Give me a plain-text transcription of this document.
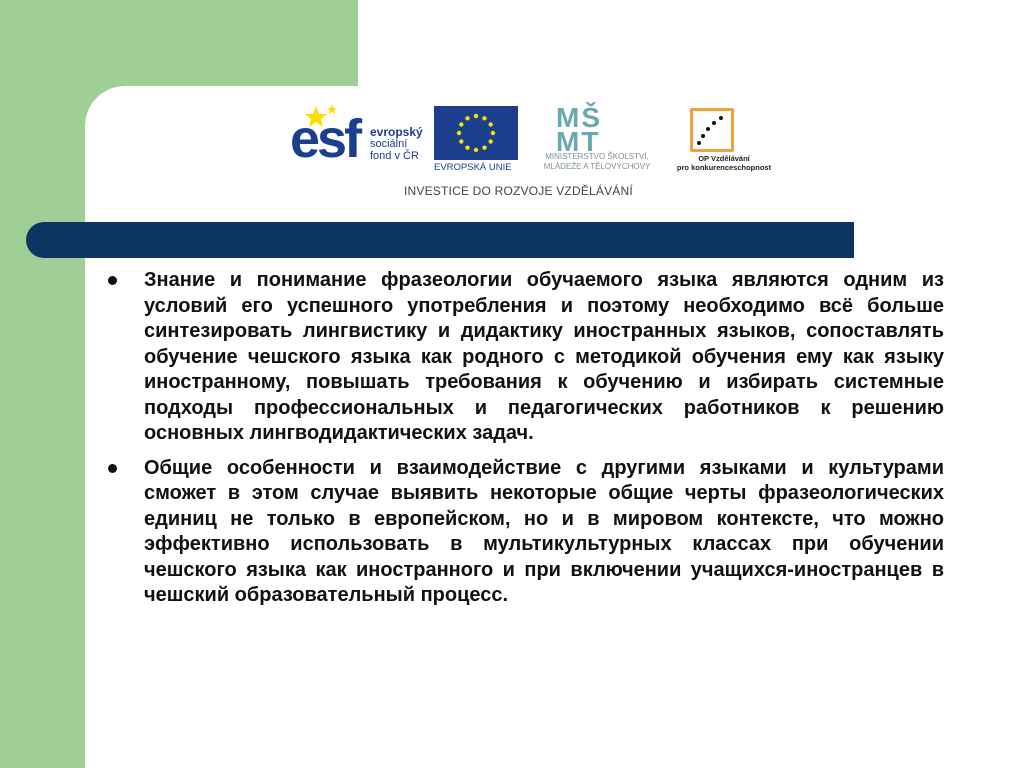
esf evropský
sociální
fond v ČR
EVROPSKÁ UNIE
MŠ
MT
MINISTERSTVO ŠKOLSTVÍ,
MLÁDEŽE A TĚLOVÝCHOVY
OP Vzdělávání
pro konkurenceschopnost
INVESTICE DO ROZVOJE VZDĚLÁVÁNÍ
Знание и понимание фразеологии обучаемого языка являются одним из условий его успешного употребления и поэтому необходимо всё больше синтезировать лингвистику и дидактику иностранных языков, сопоставлять обучение чешского языка как родного с методикой обучения ему как языку иностранному, повышать требования к обучению и избирать системные подходы профессиональных и педагогических работников к решению основных лингводидактических задач.
Общие особенности и взаимодействие с другими языками и культурами сможет в этом случае выявить некоторые общие черты фразеологических единиц не только в европейском, но и в мировом контексте, что можно эффективно использовать в мультикультурных классах при обучении чешского языка как иностранного и при включении учащихся-иностранцев в чешский образовательный процесс.
